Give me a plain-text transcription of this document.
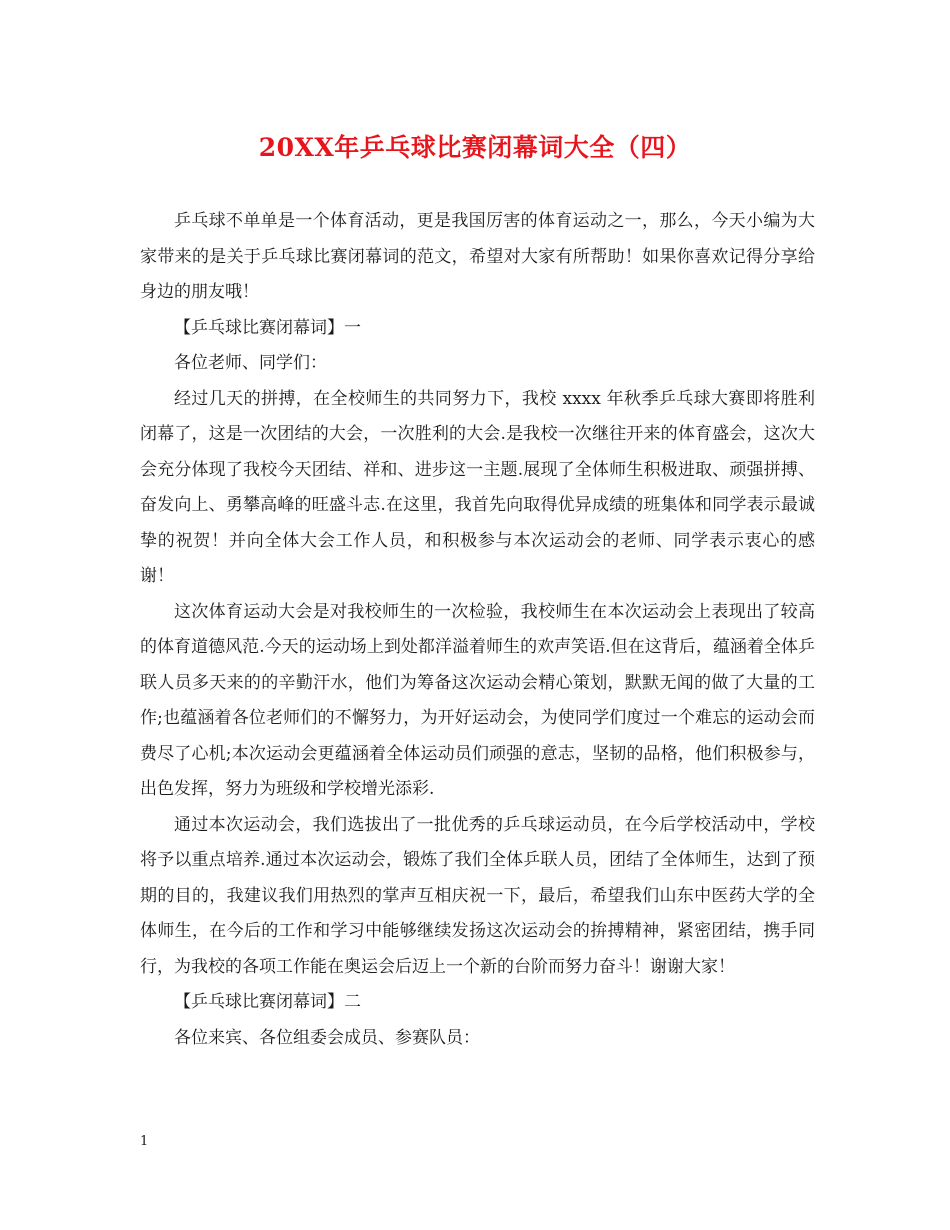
20XX年乒乓球比赛闭幕词大全（四）

乒乓球不单单是一个体育活动，更是我国厉害的体育运动之一，那么，今天小编为大家带来的是关于乒乓球比赛闭幕词的范文，希望对大家有所帮助！如果你喜欢记得分享给身边的朋友哦！

【乒乓球比赛闭幕词】一

各位老师、同学们：

经过几天的拼搏，在全校师生的共同努力下，我校 xxxx 年秋季乒乓球大赛即将胜利闭幕了，这是一次团结的大会，一次胜利的大会.是我校一次继往开来的体育盛会，这次大会充分体现了我校今天团结、祥和、进步这一主题.展现了全体师生积极进取、顽强拼搏、奋发向上、勇攀高峰的旺盛斗志.在这里，我首先向取得优异成绩的班集体和同学表示最诚挚的祝贺！并向全体大会工作人员，和积极参与本次运动会的老师、同学表示衷心的感谢！

这次体育运动大会是对我校师生的一次检验，我校师生在本次运动会上表现出了较高的体育道德风范.今天的运动场上到处都洋溢着师生的欢声笑语.但在这背后，蕴涵着全体乒联人员多天来的的辛勤汗水，他们为筹备这次运动会精心策划，默默无闻的做了大量的工作;也蕴涵着各位老师们的不懈努力，为开好运动会，为使同学们度过一个难忘的运动会而费尽了心机;本次运动会更蕴涵着全体运动员们顽强的意志，坚韧的品格，他们积极参与，出色发挥，努力为班级和学校增光添彩.

通过本次运动会，我们选拔出了一批优秀的乒乓球运动员，在今后学校活动中，学校将予以重点培养.通过本次运动会，锻炼了我们全体乒联人员，团结了全体师生，达到了预期的目的，我建议我们用热烈的掌声互相庆祝一下，最后，希望我们山东中医药大学的全体师生，在今后的工作和学习中能够继续发扬这次运动会的拚搏精神，紧密团结，携手同行，为我校的各项工作能在奥运会后迈上一个新的台阶而努力奋斗！谢谢大家！

【乒乓球比赛闭幕词】二

各位来宾、各位组委会成员、参赛队员：

1
